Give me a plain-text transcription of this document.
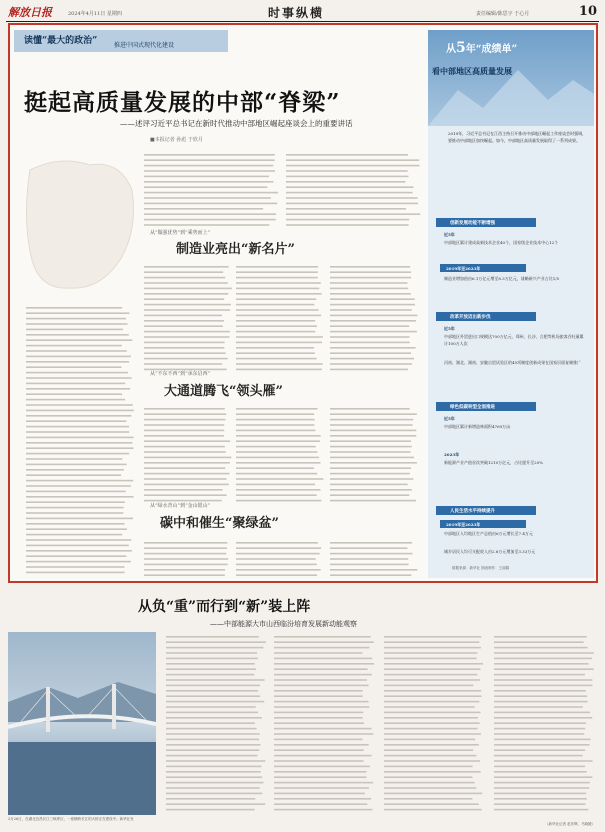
解放日报	2024年4月11日 星期四	时事纵横	责任编辑/陈思宇 于心月	10
读懂“最大的政治”	推进中国式现代化建设
挺起高质量发展的中部“脊梁”
——述评习近平总书记在新时代推动中部地区崛起座谈会上的重要讲话
■本报记者 孙彪 于欣月
从“做强优势”到“乘势而上”
制造业亮出“新名片”
从“不东不西”到“承东启西”
大通道腾飞“领头雁”
从“绿水青山”到“金山银山”
碳中和催生“聚绿盆”
从5年“成绩单”
看中部地区高质量发展
2019年，习近平总书记在江西主持召开推动中部地区崛起工作座谈会时强调，要推动中部地区加快崛起。如今，中部地区高质量发展取得了一系列成果。
创新发展动能不断增强
近5年
中部地区累计建成高新技术企业40个，国家级企业技术中心12个
2019年至2023年
制造业增加值由6.1万亿元增至8.3万亿元，战略新兴产业占比1/5
改革开放迈出新步伐
近5年
中部地区外贸进出口规模达700万亿元，郑州、长沙、合肥等机场旅客吞吐量累计100万人次
河南、湖北、湖南、安徽自贸试验区的45项制度创新成果在国家层面复制推广
绿色低碳转型全面推进
近5年
中部地区累计新增造林面积4769万亩
2023年
新能源产业产值首次突破1210万亿元，占比提升至20%
人民生活水平持续提升
2019年至2023年
中部地区人均地区生产总值由6万元增长至7.4万元
城乡居民人均可支配收入由2.6万元增加至3.33万元
数据来源：新华社 图表制作：王丽娟
从负“重”而行到“新”装上阵
——中部能源大市山西临汾培育发展新动能观察
3月26日，在湖北宜昌长江三峡库区，一座横跨长江的大桥正在建设中。新华社发
（新华社记者 赵东辉、马晓媛）
